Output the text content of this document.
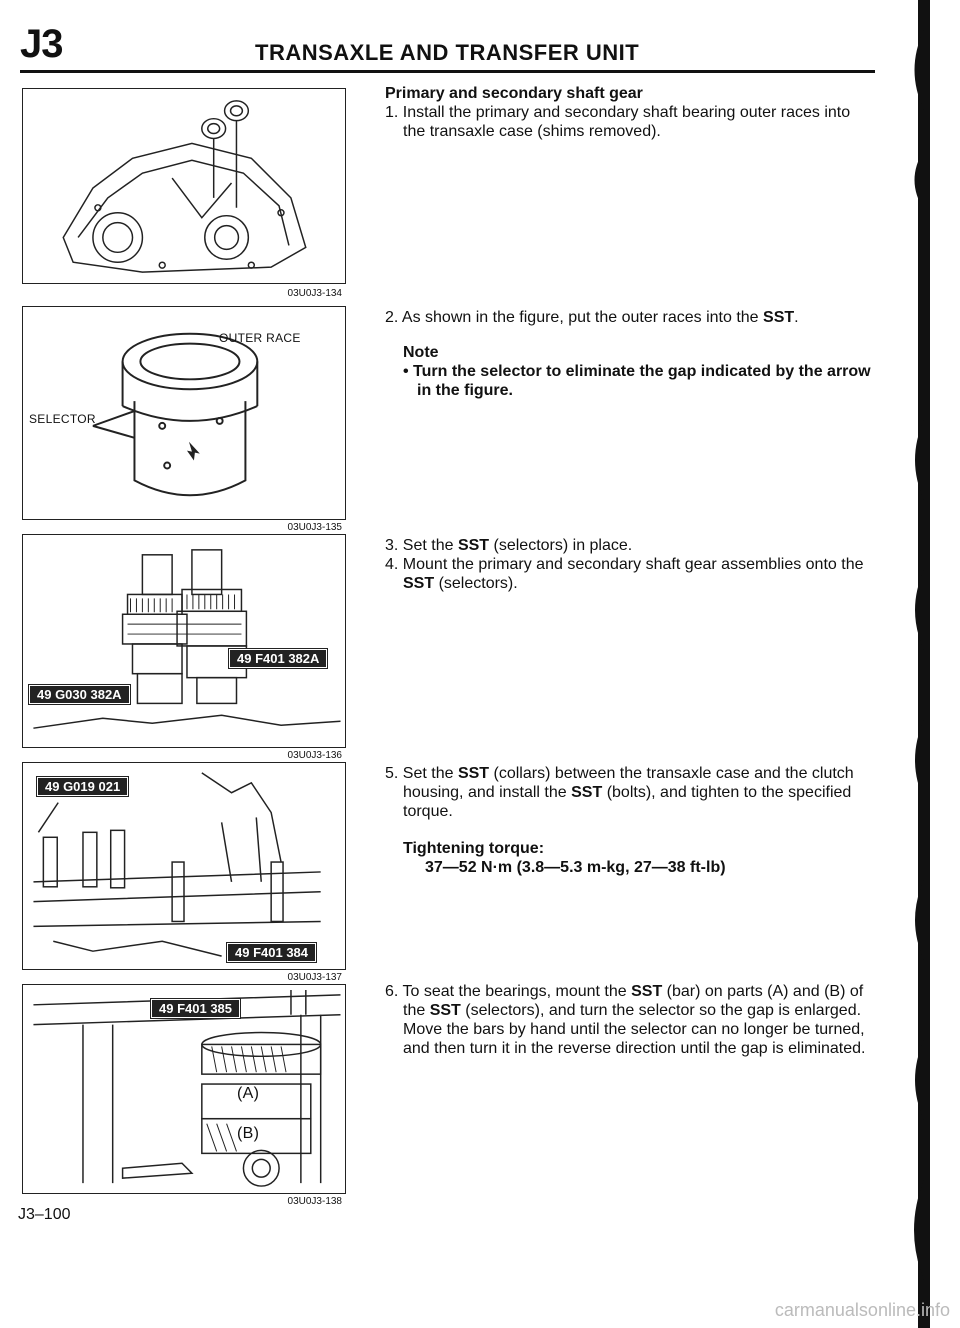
J3	TRANSAXLE AND TRANSFER UNIT
03U0J3-134
OUTER RACE
SELECTOR
03U0J3-135
49 F401 382A
49 G030 382A
03U0J3-136
49 G019 021
49 F401 384
03U0J3-137
49 F401 385
(A)
(B)
03U0J3-138
Primary and secondary shaft gear
1. Install the primary and secondary shaft bearing outer races into the transaxle case (shims removed).
2. As shown in the figure, put the outer races into the SST.
Note
• Turn the selector to eliminate the gap indicated by the arrow in the figure.
3. Set the SST (selectors) in place.
4. Mount the primary and secondary shaft gear assemblies onto the SST (selectors).
5. Set the SST (collars) between the transaxle case and the clutch housing, and install the SST (bolts), and tighten to the specified torque.
Tightening torque:
37—52 N·m (3.8—5.3 m-kg, 27—38 ft-lb)
6. To seat the bearings, mount the SST (bar) on parts (A) and (B) of the SST (selectors), and turn the selector so the gap is enlarged.
Move the bars by hand until the selector can no longer be turned, and then turn it in the reverse direction until the gap is eliminated.
J3–100
carmanualsonline.info
